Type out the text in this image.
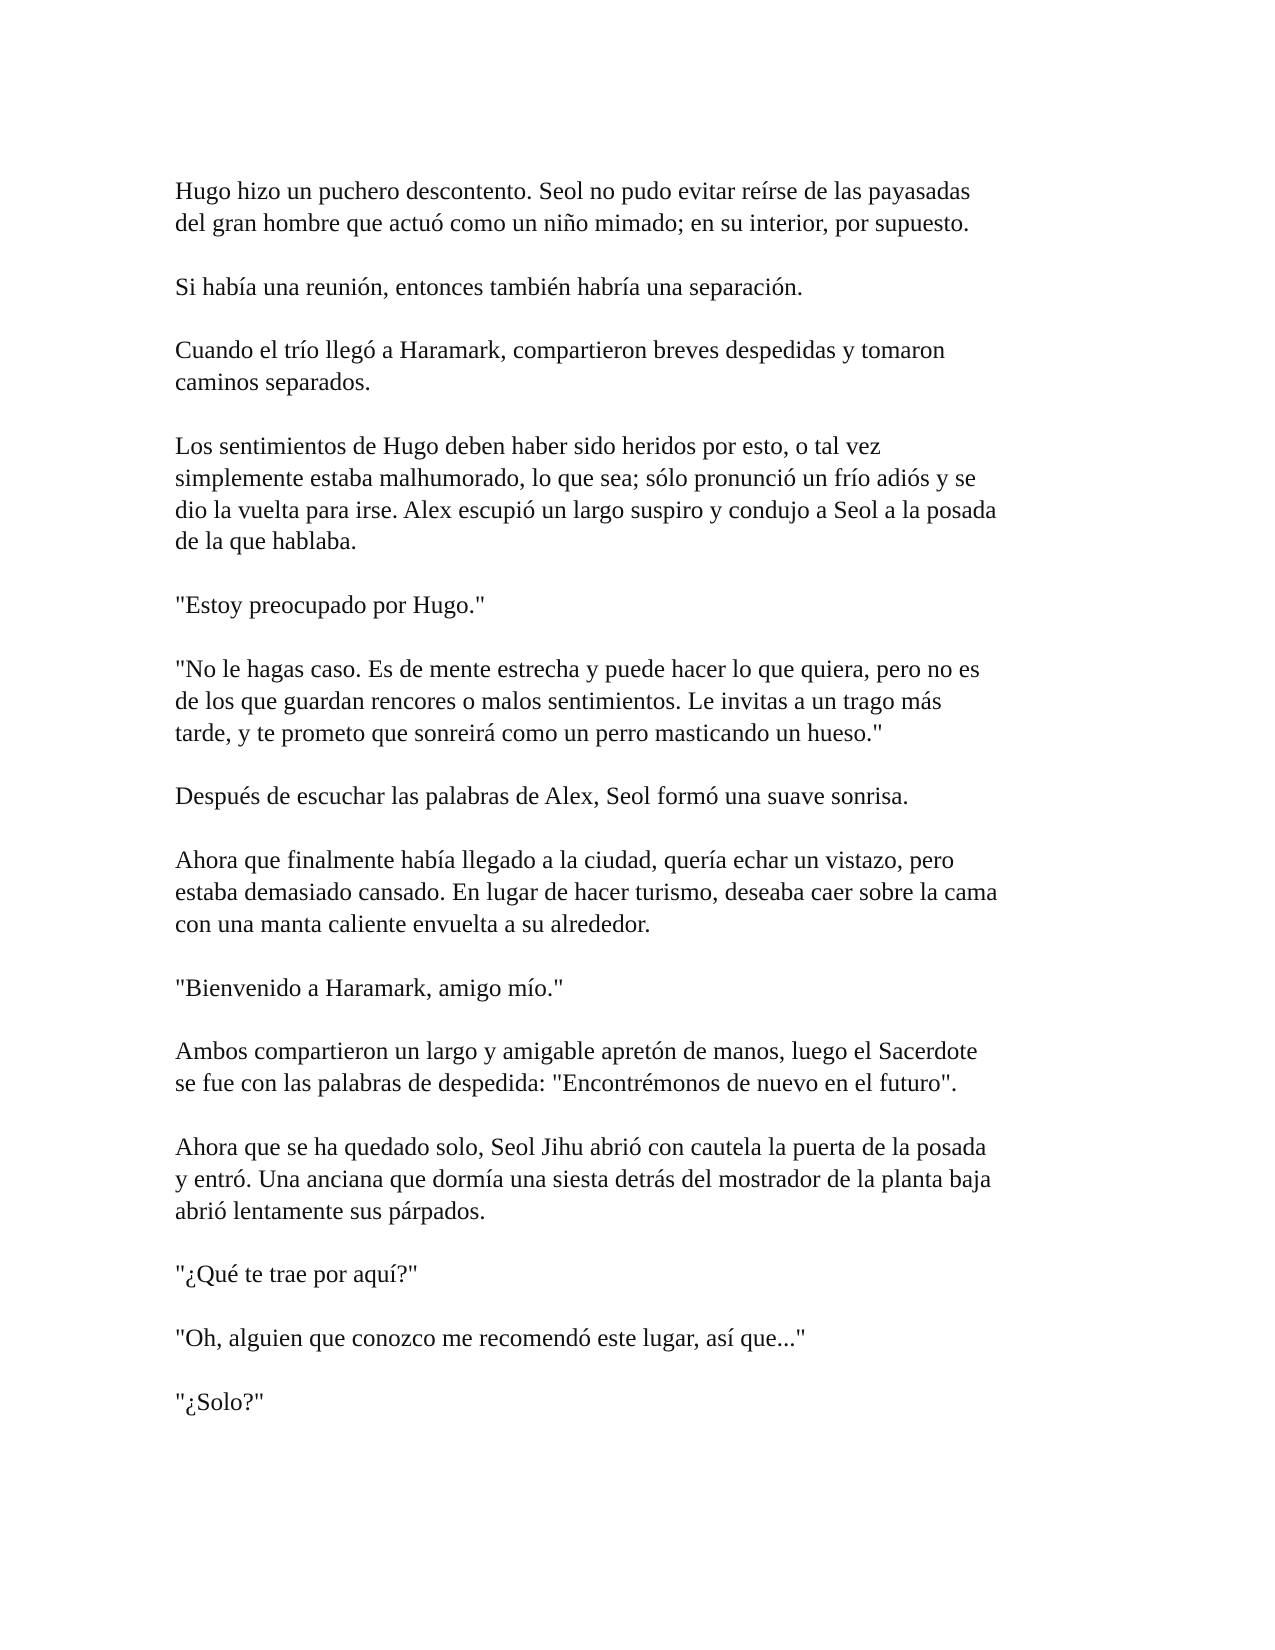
Hugo hizo un puchero descontento. Seol no pudo evitar reírse de las payasadas
del gran hombre que actuó como un niño mimado; en su interior, por supuesto.

Si había una reunión, entonces también habría una separación.

Cuando el trío llegó a Haramark, compartieron breves despedidas y tomaron
caminos separados.

Los sentimientos de Hugo deben haber sido heridos por esto, o tal vez
simplemente estaba malhumorado, lo que sea; sólo pronunció un frío adiós y se
dio la vuelta para irse. Alex escupió un largo suspiro y condujo a Seol a la posada
de la que hablaba.

"Estoy preocupado por Hugo."

"No le hagas caso. Es de mente estrecha y puede hacer lo que quiera, pero no es
de los que guardan rencores o malos sentimientos. Le invitas a un trago más
tarde, y te prometo que sonreirá como un perro masticando un hueso."

Después de escuchar las palabras de Alex, Seol formó una suave sonrisa.

Ahora que finalmente había llegado a la ciudad, quería echar un vistazo, pero
estaba demasiado cansado. En lugar de hacer turismo, deseaba caer sobre la cama
con una manta caliente envuelta a su alrededor.

"Bienvenido a Haramark, amigo mío."

Ambos compartieron un largo y amigable apretón de manos, luego el Sacerdote
se fue con las palabras de despedida: "Encontrémonos de nuevo en el futuro".

Ahora que se ha quedado solo, Seol Jihu abrió con cautela la puerta de la posada
y entró. Una anciana que dormía una siesta detrás del mostrador de la planta baja
abrió lentamente sus párpados.

"¿Qué te trae por aquí?"

"Oh, alguien que conozco me recomendó este lugar, así que..."

"¿Solo?"
